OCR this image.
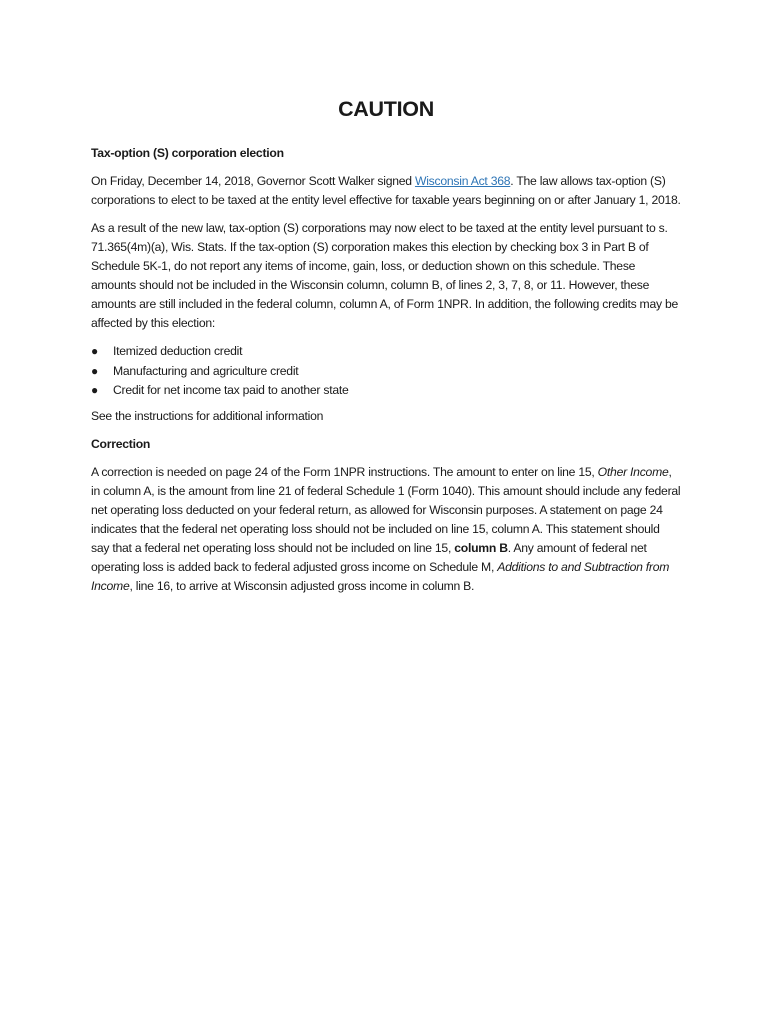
CAUTION
Tax-option (S) corporation election

On Friday, December 14, 2018, Governor Scott Walker signed Wisconsin Act 368. The law allows tax-option (S) corporations to elect to be taxed at the entity level effective for taxable years beginning on or after January 1, 2018.

As a result of the new law, tax-option (S) corporations may now elect to be taxed at the entity level pursuant to s. 71.365(4m)(a), Wis. Stats. If the tax-option (S) corporation makes this election by checking box 3 in Part B of Schedule 5K-1, do not report any items of income, gain, loss, or deduction shown on this schedule. These amounts should not be included in the Wisconsin column, column B, of lines 2, 3, 7, 8, or 11. However, these amounts are still included in the federal column, column A, of Form 1NPR. In addition, the following credits may be affected by this election:

● Itemized deduction credit
● Manufacturing and agriculture credit
● Credit for net income tax paid to another state

See the instructions for additional information

Correction

A correction is needed on page 24 of the Form 1NPR instructions. The amount to enter on line 15, Other Income, in column A, is the amount from line 21 of federal Schedule 1 (Form 1040). This amount should include any federal net operating loss deducted on your federal return, as allowed for Wisconsin purposes. A statement on page 24 indicates that the federal net operating loss should not be included on line 15, column A. This statement should say that a federal net operating loss should not be included on line 15, column B. Any amount of federal net operating loss is added back to federal adjusted gross income on Schedule M, Additions to and Subtraction from Income, line 16, to arrive at Wisconsin adjusted gross income in column B.
